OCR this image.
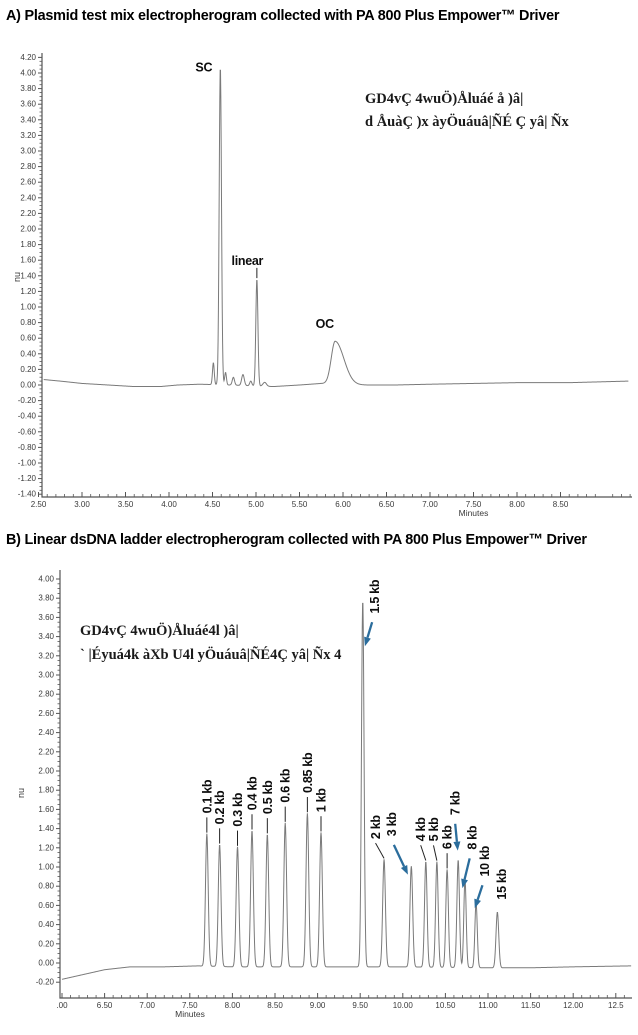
A) Plasmid test mix electropherogram collected with PA 800 Plus Empower™ Driver
4.20
4.00
3.80
3.60
3.40
3.20
3.00
2.80
2.60
2.40
2.20
2.00
1.80
1.60
1.40
1.20
1.00
0.80
0.60
0.40
0.20
0.00
-0.20
-0.40
-0.60
-0.80
-1.00
-1.20
-1.40
2.50	3.00	3.50	4.00	4.50	5.00	5.50	6.00	6.50	7.00	7.50	8.00	8.50
Minutes
nu
SC
linear
OC
GD4vÇ 4wuÖ)Åluáé å )â|
d ÅuàÇ )x àyÖuáuâ|ÑÉ Ç yâ| Ñx
B) Linear dsDNA ladder electropherogram collected with PA 800 Plus Empower™ Driver
4.00
3.80
3.60
3.40
3.20
3.00
2.80
2.60
2.40
2.20
2.00
1.80
1.60
1.40
1.20
1.00
0.80
0.60
0.40
0.20
0.00
-0.20
.00	6.50	7.00	7.50	8.00	8.50	9.00	9.50	10.00	10.50	11.00	11.50	12.00	12.5
Minutes
nu	0.1 kb
0.2 kb 0.3 kb 0.4 kb 0.5 kb 0.6 kb 0.85 kb
1 kb
1.5 kb
2 kb 3 kb 4 kb
5 kb 6 kb
7 kb
8 kb
10 kb
15 kb
GD4vÇ 4wuÖ)Åluáé4l )â|
` |Éyuá4k àXb U4l yÖuáuâ|ÑÉ4Ç yâ| Ñx 4
